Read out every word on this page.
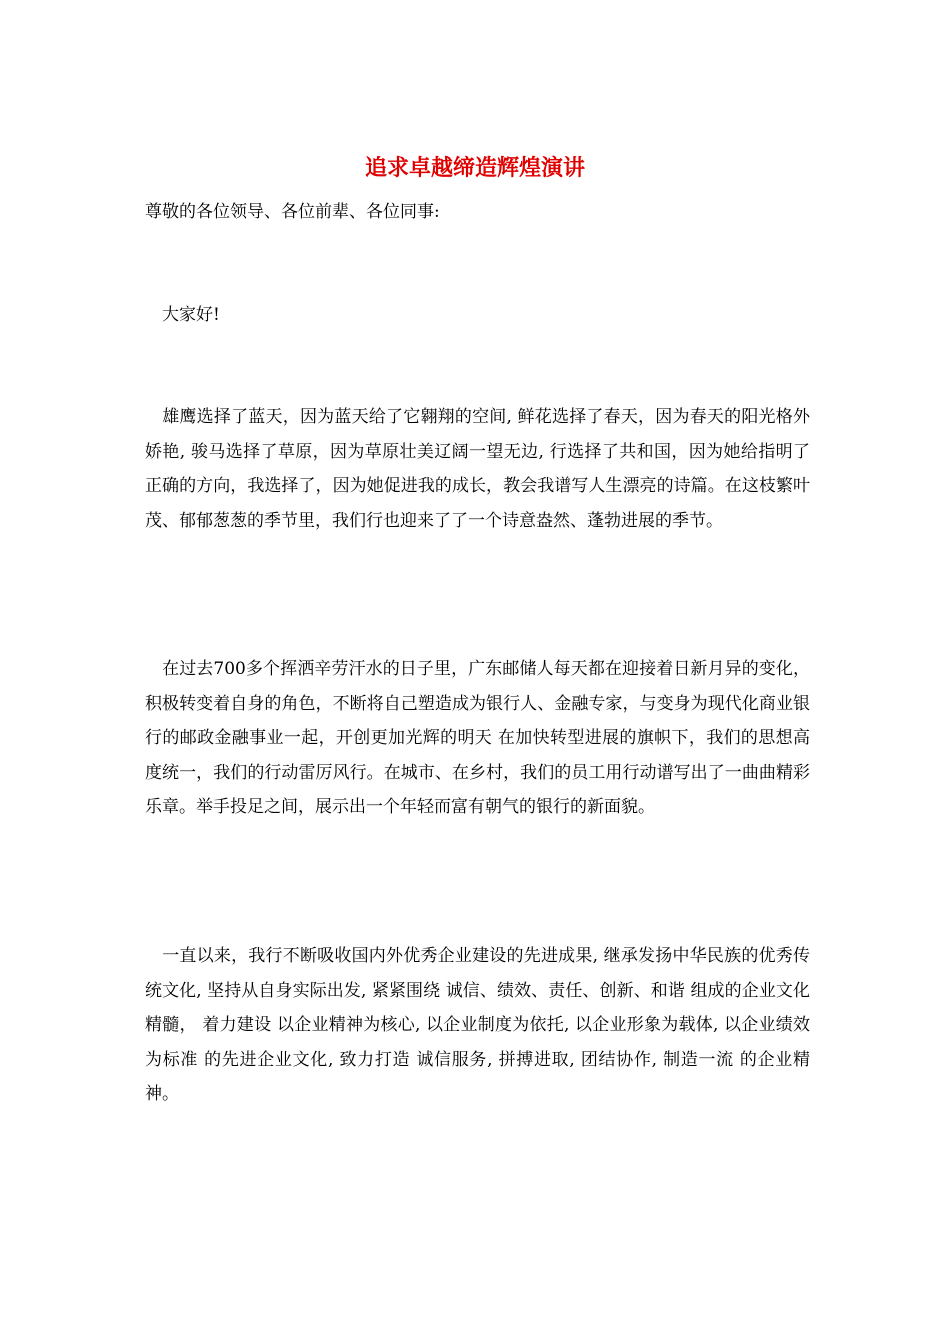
追求卓越缔造辉煌演讲

尊敬的各位领导、各位前辈、各位同事:

　大家好!

　雄鹰选择了蓝天，因为蓝天给了它翱翔的空间, 鲜花选择了春天，因为春天的阳光格外娇艳, 骏马选择了草原，因为草原壮美辽阔一望无边, 行选择了共和国，因为她给指明了正确的方向，我选择了，因为她促进我的成长，教会我谱写人生漂亮的诗篇。在这枝繁叶茂、郁郁葱葱的季节里，我们行也迎来了了一个诗意盎然、蓬勃进展的季节。

　在过去700多个挥洒辛劳汗水的日子里，广东邮储人每天都在迎接着日新月异的变化，积极转变着自身的角色，不断将自己塑造成为银行人、金融专家，与变身为现代化商业银行的邮政金融事业一起，开创更加光辉的明天 在加快转型进展的旗帜下，我们的思想高度统一，我们的行动雷厉风行。在城市、在乡村，我们的员工用行动谱写出了一曲曲精彩乐章。举手投足之间，展示出一个年轻而富有朝气的银行的新面貌。

　一直以来，我行不断吸收国内外优秀企业建设的先进成果, 继承发扬中华民族的优秀传统文化, 坚持从自身实际出发, 紧紧围绕 诚信、绩效、责任、创新、和谐 组成的企业文化精髓， 着力建设 以企业精神为核心, 以企业制度为依托, 以企业形象为载体, 以企业绩效为标准 的先进企业文化, 致力打造 诚信服务, 拼搏进取, 团结协作, 制造一流 的企业精神。
